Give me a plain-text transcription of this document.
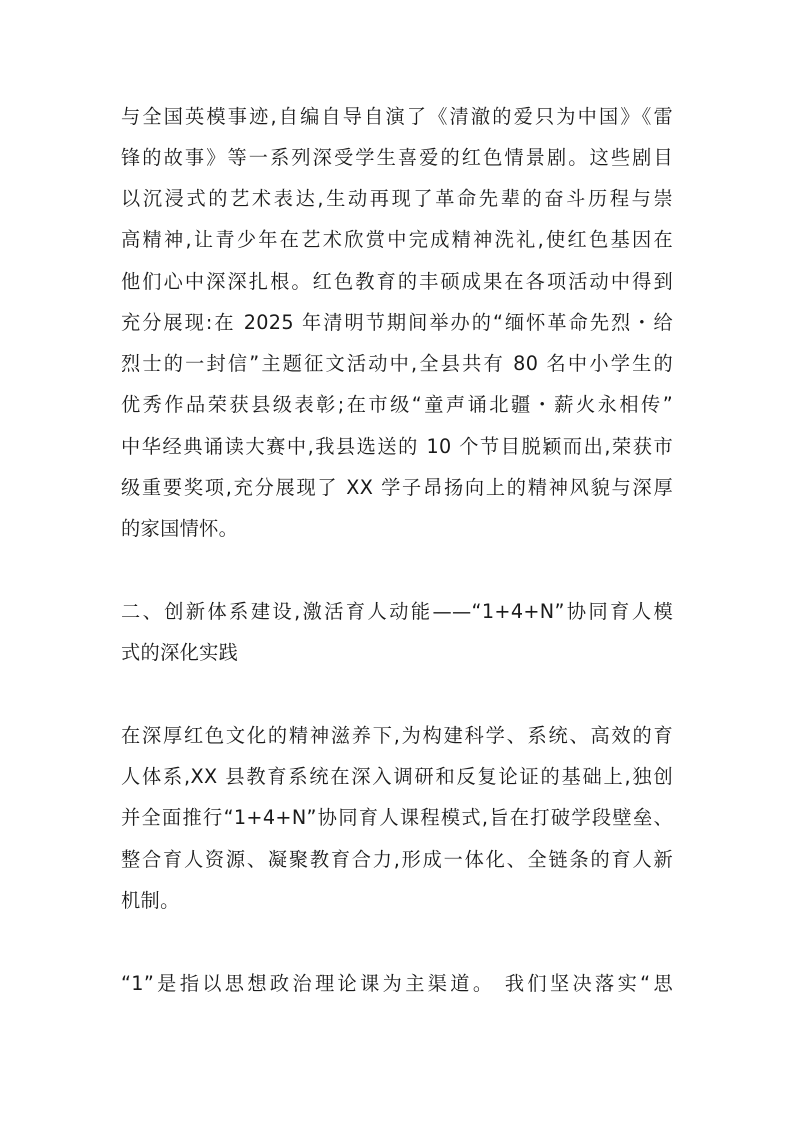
与全国英模事迹,自编自导自演了《清澈的爱只为中国》《雷
锋的故事》等一系列深受学生喜爱的红色情景剧。这些剧目
以沉浸式的艺术表达,生动再现了革命先辈的奋斗历程与崇
高精神,让青少年在艺术欣赏中完成精神洗礼,使红色基因在
他们心中深深扎根。红色教育的丰硕成果在各项活动中得到
充分展现:在 2025 年清明节期间举办的“缅怀革命先烈・给
烈士的一封信”主题征文活动中,全县共有 80 名中小学生的
优秀作品荣获县级表彰;在市级“童声诵北疆・薪火永相传”
中华经典诵读大赛中,我县选送的 10 个节目脱颖而出,荣获市
级重要奖项,充分展现了 XX 学子昂扬向上的精神风貌与深厚
的家国情怀。
二、创新体系建设,激活育人动能——“1+4+N”协同育人模
式的深化实践
在深厚红色文化的精神滋养下,为构建科学、系统、高效的育
人体系,XX 县教育系统在深入调研和反复论证的基础上,独创
并全面推行“1+4+N”协同育人课程模式,旨在打破学段壁垒、
整合育人资源、凝聚教育合力,形成一体化、全链条的育人新
机制。
“1”是指以思想政治理论课为主渠道。 我们坚决落实“思
